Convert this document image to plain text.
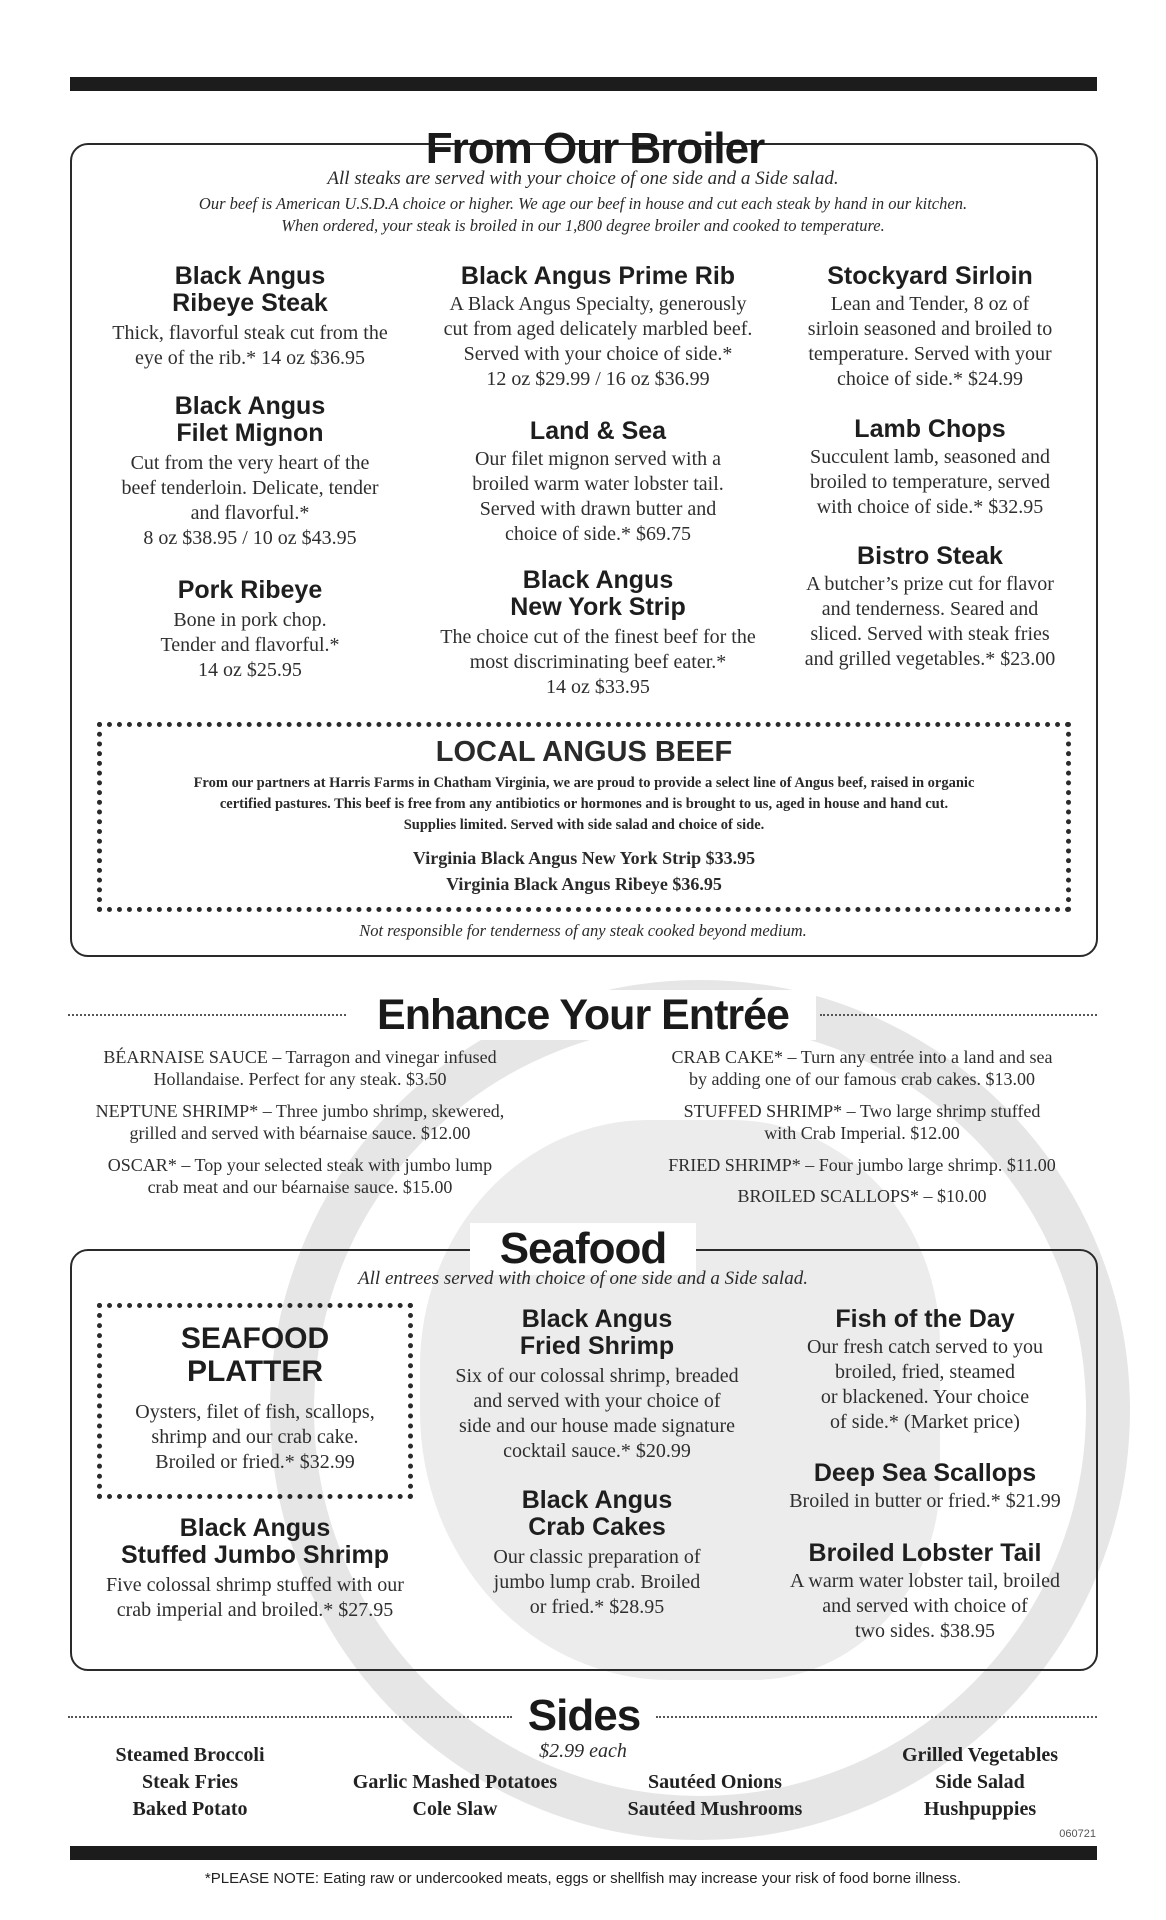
From Our Broiler
All steaks are served with your choice of one side and a Side salad.
Our beef is American U.S.D.A choice or higher. We age our beef in house and cut each steak by hand in our kitchen.
When ordered, your steak is broiled in our 1,800 degree broiler and cooked to temperature.
Black Angus
Ribeye Steak
Thick, flavorful steak cut from the
eye of the rib.* 14 oz $36.95
Black Angus
Filet Mignon
Cut from the very heart of the
beef tenderloin. Delicate, tender
and flavorful.*
8 oz $38.95 / 10 oz $43.95
Pork Ribeye
Bone in pork chop.
Tender and flavorful.*
14 oz $25.95
Black Angus Prime Rib
A Black Angus Specialty, generously
cut from aged delicately marbled beef.
Served with your choice of side.*
12 oz $29.99 / 16 oz $36.99
Land & Sea
Our filet mignon served with a
broiled warm water lobster tail.
Served with drawn butter and
choice of side.* $69.75
Black Angus
New York Strip
The choice cut of the finest beef for the
most discriminating beef eater.*
14 oz $33.95
Stockyard Sirloin
Lean and Tender, 8 oz of
sirloin seasoned and broiled to
temperature. Served with your
choice of side.* $24.99
Lamb Chops
Succulent lamb, seasoned and
broiled to temperature, served
with choice of side.* $32.95
Bistro Steak
A butcher’s prize cut for flavor
and tenderness. Seared and
sliced. Served with steak fries
and grilled vegetables.* $23.00
LOCAL ANGUS BEEF
From our partners at Harris Farms in Chatham Virginia, we are proud to provide a select line of Angus beef, raised in organic
certified pastures. This beef is free from any antibiotics or hormones and is brought to us, aged in house and hand cut.
Supplies limited. Served with side salad and choice of side.
Virginia Black Angus New York Strip $33.95
Virginia Black Angus Ribeye $36.95
Not responsible for tenderness of any steak cooked beyond medium.
Enhance Your Entrée
BÉARNAISE SAUCE – Tarragon and vinegar infused
Hollandaise. Perfect for any steak. $3.50
NEPTUNE SHRIMP* – Three jumbo shrimp, skewered,
grilled and served with béarnaise sauce. $12.00
OSCAR* – Top your selected steak with jumbo lump
crab meat and our béarnaise sauce. $15.00
CRAB CAKE* – Turn any entrée into a land and sea
by adding one of our famous crab cakes. $13.00
STUFFED SHRIMP* – Two large shrimp stuffed
with Crab Imperial. $12.00
FRIED SHRIMP* – Four jumbo large shrimp. $11.00
BROILED SCALLOPS* – $10.00
Seafood
All entrees served with choice of one side and a Side salad.
SEAFOOD
PLATTER
Oysters, filet of fish, scallops,
shrimp and our crab cake.
Broiled or fried.* $32.99
Black Angus
Stuffed Jumbo Shrimp
Five colossal shrimp stuffed with our
crab imperial and broiled.* $27.95
Black Angus
Fried Shrimp
Six of our colossal shrimp, breaded
and served with your choice of
side and our house made signature
cocktail sauce.* $20.99
Black Angus
Crab Cakes
Our classic preparation of
jumbo lump crab. Broiled
or fried.* $28.95
Fish of the Day
Our fresh catch served to you
broiled, fried, steamed
or blackened. Your choice
of side.* (Market price)
Deep Sea Scallops
Broiled in butter or fried.* $21.99
Broiled Lobster Tail
A warm water lobster tail, broiled
and served with choice of
two sides. $38.95
Sides
$2.99 each
Steamed Broccoli
Steak Fries
Baked Potato
Garlic Mashed Potatoes
Cole Slaw
Sautéed Onions
Sautéed Mushrooms
Grilled Vegetables
Side Salad
Hushpuppies
060721
*PLEASE NOTE: Eating raw or undercooked meats, eggs or shellfish may increase your risk of food borne illness.
